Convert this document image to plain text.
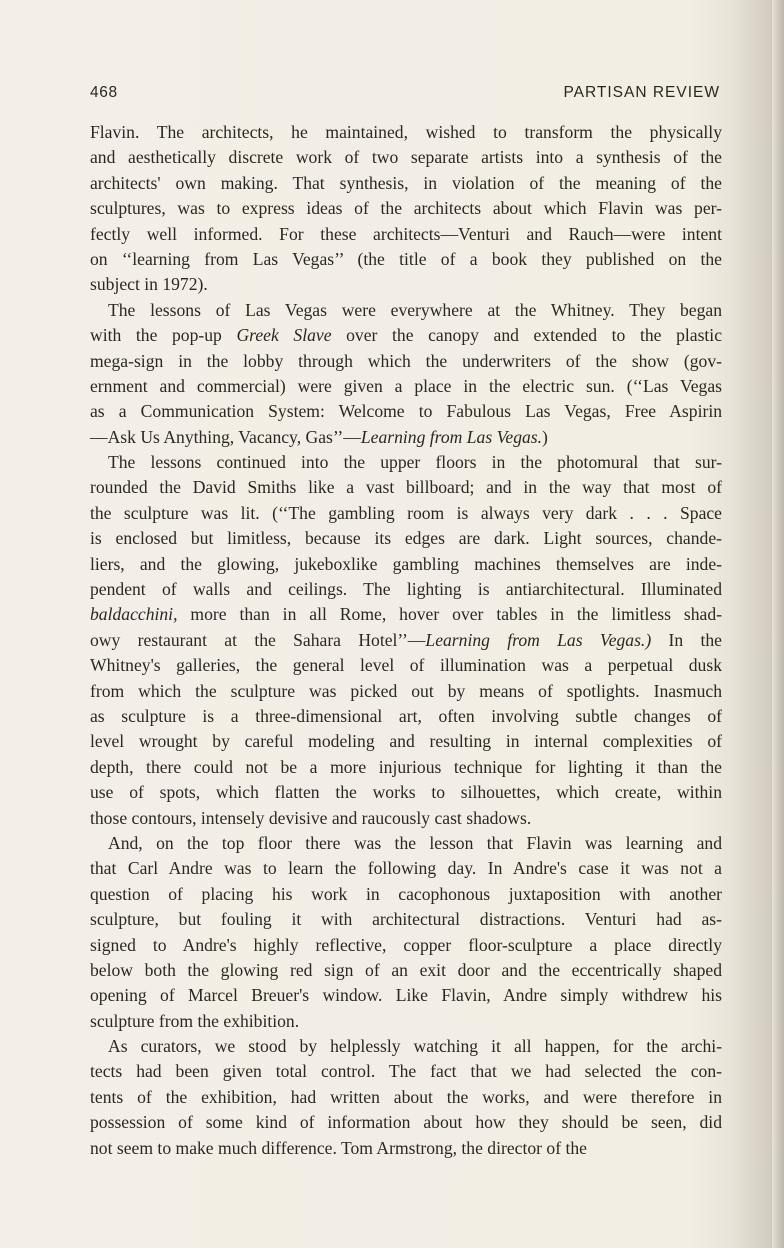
468	PARTISAN REVIEW
Flavin. The architects, he maintained, wished to transform the physically
and aesthetically discrete work of two separate artists into a synthesis of the
architects' own making. That synthesis, in violation of the meaning of the
sculptures, was to express ideas of the architects about which Flavin was per-
fectly well informed. For these architects—Venturi and Rauch—were intent
on ‘‘learning from Las Vegas’’ (the title of a book they published on the
subject in 1972).
The lessons of Las Vegas were everywhere at the Whitney. They began
with the pop-up Greek Slave over the canopy and extended to the plastic
mega-sign in the lobby through which the underwriters of the show (gov-
ernment and commercial) were given a place in the electric sun. (‘‘Las Vegas
as a Communication System: Welcome to Fabulous Las Vegas, Free Aspirin
—Ask Us Anything, Vacancy, Gas’’—Learning from Las Vegas.)
The lessons continued into the upper floors in the photomural that sur-
rounded the David Smiths like a vast billboard; and in the way that most of
the sculpture was lit. (‘‘The gambling room is always very dark . . . Space
is enclosed but limitless, because its edges are dark. Light sources, chande-
liers, and the glowing, jukeboxlike gambling machines themselves are inde-
pendent of walls and ceilings. The lighting is antiarchitectural. Illuminated
baldacchini, more than in all Rome, hover over tables in the limitless shad-
owy restaurant at the Sahara Hotel’’—Learning from Las Vegas.) In the
Whitney's galleries, the general level of illumination was a perpetual dusk
from which the sculpture was picked out by means of spotlights. Inasmuch
as sculpture is a three-dimensional art, often involving subtle changes of
level wrought by careful modeling and resulting in internal complexities of
depth, there could not be a more injurious technique for lighting it than the
use of spots, which flatten the works to silhouettes, which create, within
those contours, intensely devisive and raucously cast shadows.
And, on the top floor there was the lesson that Flavin was learning and
that Carl Andre was to learn the following day. In Andre's case it was not a
question of placing his work in cacophonous juxtaposition with another
sculpture, but fouling it with architectural distractions. Venturi had as-
signed to Andre's highly reflective, copper floor-sculpture a place directly
below both the glowing red sign of an exit door and the eccentrically shaped
opening of Marcel Breuer's window. Like Flavin, Andre simply withdrew his
sculpture from the exhibition.
As curators, we stood by helplessly watching it all happen, for the archi-
tects had been given total control. The fact that we had selected the con-
tents of the exhibition, had written about the works, and were therefore in
possession of some kind of information about how they should be seen, did
not seem to make much difference. Tom Armstrong, the director of the
